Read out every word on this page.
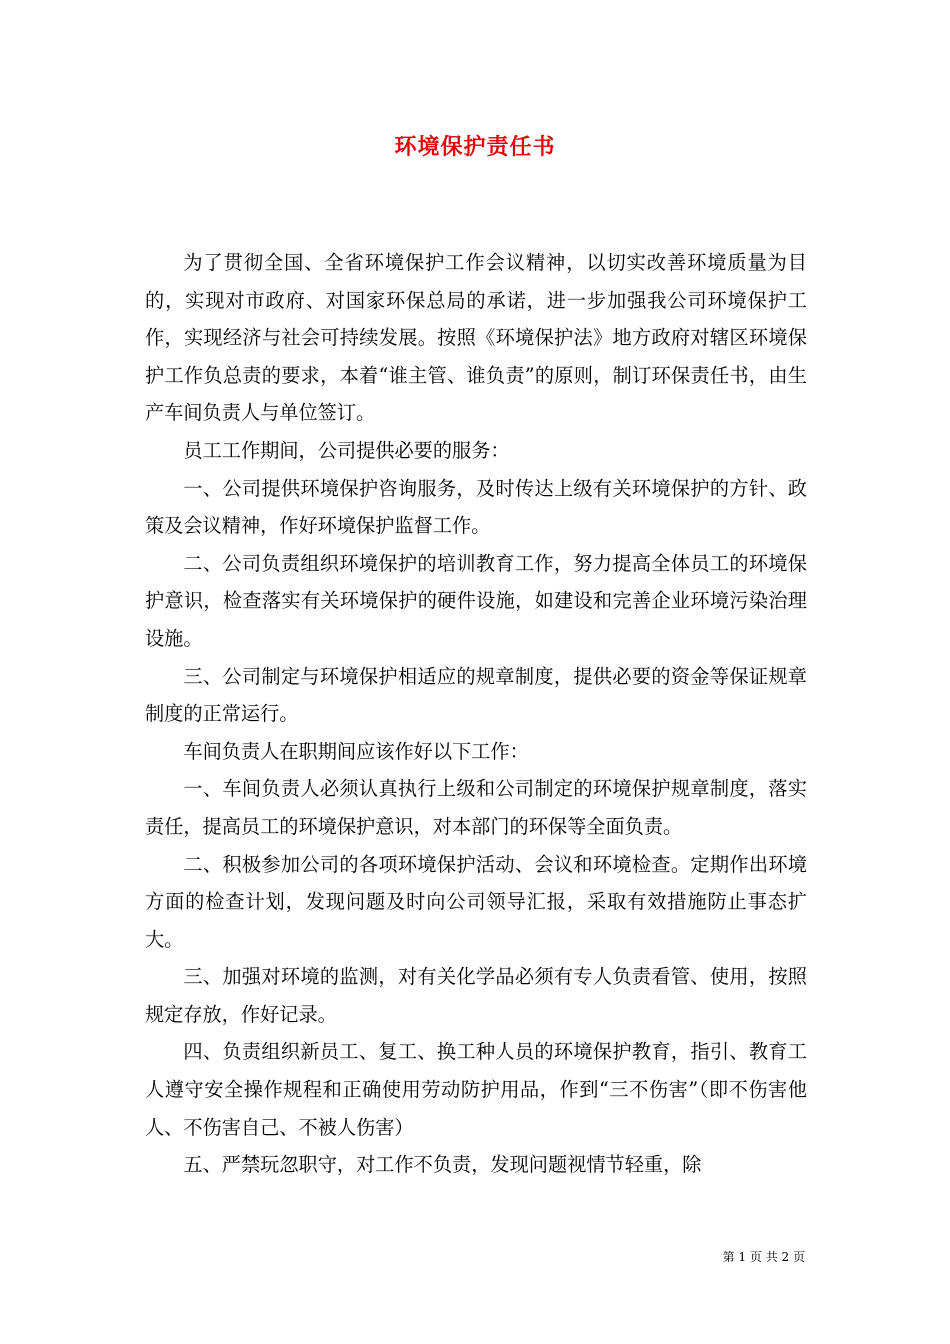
环境保护责任书

为了贯彻全国、全省环境保护工作会议精神，以切实改善环境质量为目的，实现对市政府、对国家环保总局的承诺，进一步加强我公司环境保护工作，实现经济与社会可持续发展。按照《环境保护法》地方政府对辖区环境保护工作负总责的要求，本着“谁主管、谁负责”的原则，制订环保责任书，由生产车间负责人与单位签订。

员工工作期间，公司提供必要的服务：

一、公司提供环境保护咨询服务，及时传达上级有关环境保护的方针、政策及会议精神，作好环境保护监督工作。

二、公司负责组织环境保护的培训教育工作，努力提高全体员工的环境保护意识，检查落实有关环境保护的硬件设施，如建设和完善企业环境污染治理设施。

三、公司制定与环境保护相适应的规章制度，提供必要的资金等保证规章制度的正常运行。

车间负责人在职期间应该作好以下工作：

一、车间负责人必须认真执行上级和公司制定的环境保护规章制度，落实责任，提高员工的环境保护意识，对本部门的环保等全面负责。

二、积极参加公司的各项环境保护活动、会议和环境检查。定期作出环境方面的检查计划，发现问题及时向公司领导汇报，采取有效措施防止事态扩大。

三、加强对环境的监测，对有关化学品必须有专人负责看管、使用，按照规定存放，作好记录。

四、负责组织新员工、复工、换工种人员的环境保护教育，指引、教育工人遵守安全操作规程和正确使用劳动防护用品，作到“三不伤害”（即不伤害他人、不伤害自己、不被人伤害）

五、严禁玩忽职守，对工作不负责，发现问题视情节轻重，除

第 1 页 共 2 页
